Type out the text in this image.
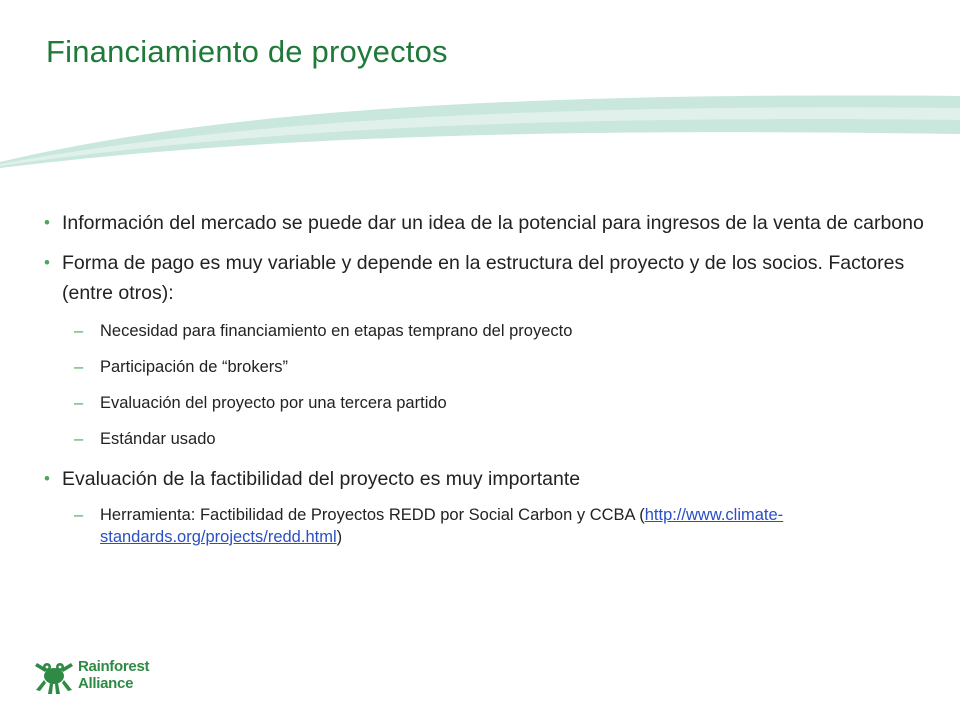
Financiamiento de proyectos
• Información del mercado se puede dar un idea de la potencial para ingresos de la venta de carbono
• Forma de pago es muy variable y depende en la estructura del proyecto y de los socios. Factores (entre otros):
– Necesidad para financiamiento en etapas temprano del proyecto
– Participación de “brokers”
– Evaluación del proyecto por una tercera partido
– Estándar usado
• Evaluación de la factibilidad del proyecto es muy importante
– Herramienta: Factibilidad de Proyectos REDD por Social Carbon y CCBA (http://www.climate-standards.org/projects/redd.html)
Rainforest
Alliance
